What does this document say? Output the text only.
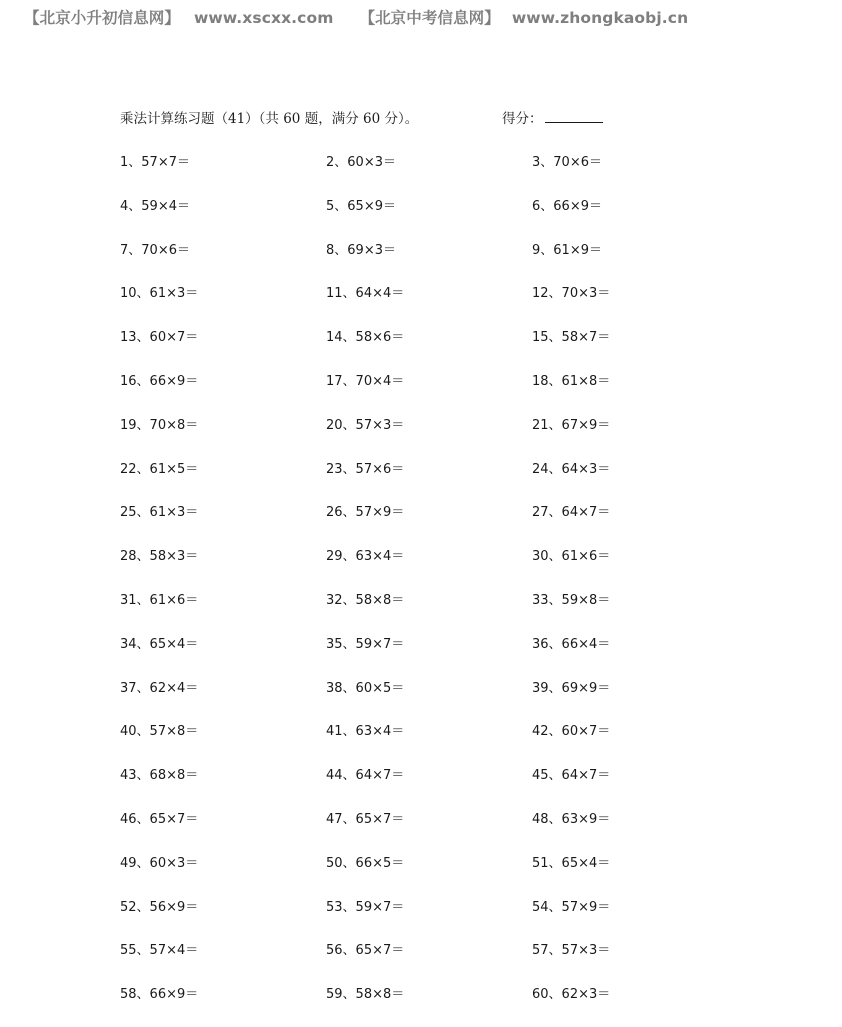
【北京小升初信息网】 www.xscxx.com 【北京中考信息网】 www.zhongkaobj.cn
乘法计算练习题（41）（共 60 题，满分 60 分）。	得分：
1、57×7＝	2、60×3＝	3、70×6＝
4、59×4＝	5、65×9＝	6、66×9＝
7、70×6＝	8、69×3＝	9、61×9＝
10、61×3＝	11、64×4＝	12、70×3＝
13、60×7＝	14、58×6＝	15、58×7＝
16、66×9＝	17、70×4＝	18、61×8＝
19、70×8＝	20、57×3＝	21、67×9＝
22、61×5＝	23、57×6＝	24、64×3＝
25、61×3＝	26、57×9＝	27、64×7＝
28、58×3＝	29、63×4＝	30、61×6＝
31、61×6＝	32、58×8＝	33、59×8＝
34、65×4＝	35、59×7＝	36、66×4＝
37、62×4＝	38、60×5＝	39、69×9＝
40、57×8＝	41、63×4＝	42、60×7＝
43、68×8＝	44、64×7＝	45、64×7＝
46、65×7＝	47、65×7＝	48、63×9＝
49、60×3＝	50、66×5＝	51、65×4＝
52、56×9＝	53、59×7＝	54、57×9＝
55、57×4＝	56、65×7＝	57、57×3＝
58、66×9＝	59、58×8＝	60、62×3＝
